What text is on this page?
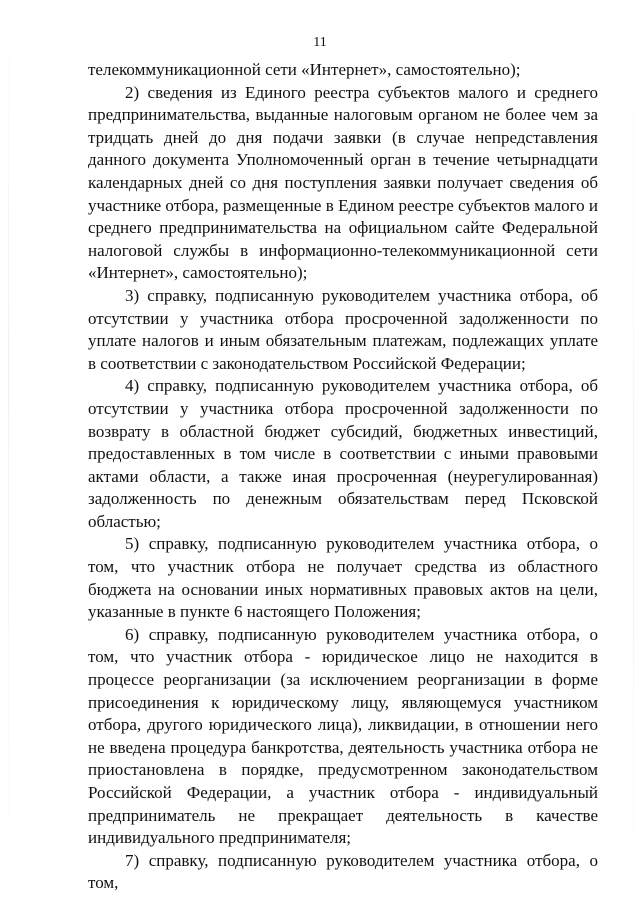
11

телекоммуникационной сети «Интернет», самостоятельно);

2) сведения из Единого реестра субъектов малого и среднего предпринимательства, выданные налоговым органом не более чем за тридцать дней до дня подачи заявки (в случае непредставления данного документа Уполномоченный орган в течение четырнадцати календарных дней со дня поступления заявки получает сведения об участнике отбора, размещенные в Едином реестре субъектов малого и среднего предпринимательства на официальном сайте Федеральной налоговой службы в информационно-телекоммуникационной сети «Интернет», самостоятельно);

3) справку, подписанную руководителем участника отбора, об отсутствии у участника отбора просроченной задолженности по уплате налогов и иным обязательным платежам, подлежащих уплате в соответствии с законодательством Российской Федерации;

4) справку, подписанную руководителем участника отбора, об отсутствии у участника отбора просроченной задолженности по возврату в областной бюджет субсидий, бюджетных инвестиций, предоставленных в том числе в соответствии с иными правовыми актами области, а также иная просроченная (неурегулированная) задолженность по денежным обязательствам перед Псковской областью;

5) справку, подписанную руководителем участника отбора, о том, что участник отбора не получает средства из областного бюджета на основании иных нормативных правовых актов на цели, указанные в пункте 6 настоящего Положения;

6) справку, подписанную руководителем участника отбора, о том, что участник отбора - юридическое лицо не находится в процессе реорганизации (за исключением реорганизации в форме присоединения к юридическому лицу, являющемуся участником отбора, другого юридического лица), ликвидации, в отношении него не введена процедура банкротства, деятельность участника отбора не приостановлена в порядке, предусмотренном законодательством Российской Федерации, а участник отбора - индивидуальный предприниматель не прекращает деятельность в качестве индивидуального предпринимателя;

7) справку, подписанную руководителем участника отбора, о том,
